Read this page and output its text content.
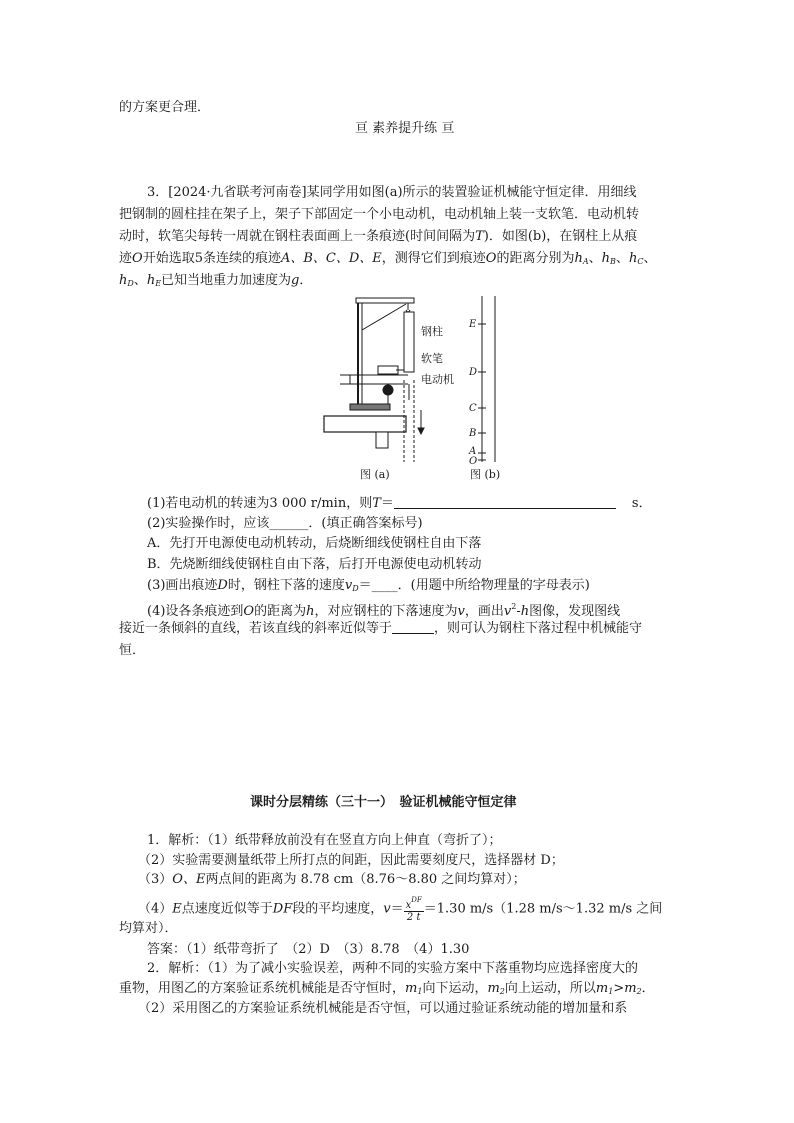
的方案更合理．
亘 素养提升练 亘
3．[2024·九省联考河南卷]某同学用如图(a)所示的装置验证机械能守恒定律．用细线
把钢制的圆柱挂在架子上，架子下部固定一个小电动机，电动机轴上装一支软笔．电动机转
动时，软笔尖每转一周就在钢柱表面画上一条痕迹(时间间隔为T)．如图(b)，在钢柱上从痕
迹O开始选取5条连续的痕迹A、B、C、D、E，测得它们到痕迹O的距离分别为$h_A$、$h_B$、$h_C$、
$h_D$、$h_E$已知当地重力加速度为g．
钢柱
软笔
电动机
E
D
C
B
A
O
图 (a)	图 (b)
(1)若电动机的转速为3 000 r/min，则T＝	s．
(2)实验操作时，应该______．(填正确答案标号)
A．先打开电源使电动机转动，后烧断细线使钢柱自由下落
B．先烧断细线使钢柱自由下落，后打开电源使电动机转动
(3)画出痕迹D时，钢柱下落的速度$v_D=\_\_\_\_$．(用题中所给物理量的字母表示)
(4)设各条痕迹到O的距离为h，对应钢柱的下落速度为v，画出$v^2-h$图像，发现图线
接近一条倾斜的直线，若该直线的斜率近似等于	，则可认为钢柱下落过程中机械能守
恒．
课时分层精练（三十一）　验证机械能守恒定律
1．解析：（1）纸带释放前没有在竖直方向上伸直（弯折了）；
（2）实验需要测量纸带上所打点的间距，因此需要刻度尺，选择器材 D；
（3）O、E两点间的距离为 8.78 cm（8.76～8.80 之间均算对）；
（4）E点速度近似等于DF段的平均速度，$v= \frac{x^{DF}}{2 t} =1.30$ m/s（1.28 m/s～1.32 m/s 之间
均算对）．
答案：（1）纸带弯折了　（2）D　（3）8.78　（4）1.30
2．解析：（1）为了减小实验误差，两种不同的实验方案中下落重物均应选择密度大的
重物，用图乙的方案验证系统机械能是否守恒时，$m_1$向下运动，$m_2$向上运动，所以$m_1>m_2$．
（2）采用图乙的方案验证系统机械能是否守恒，可以通过验证系统动能的增加量和系
